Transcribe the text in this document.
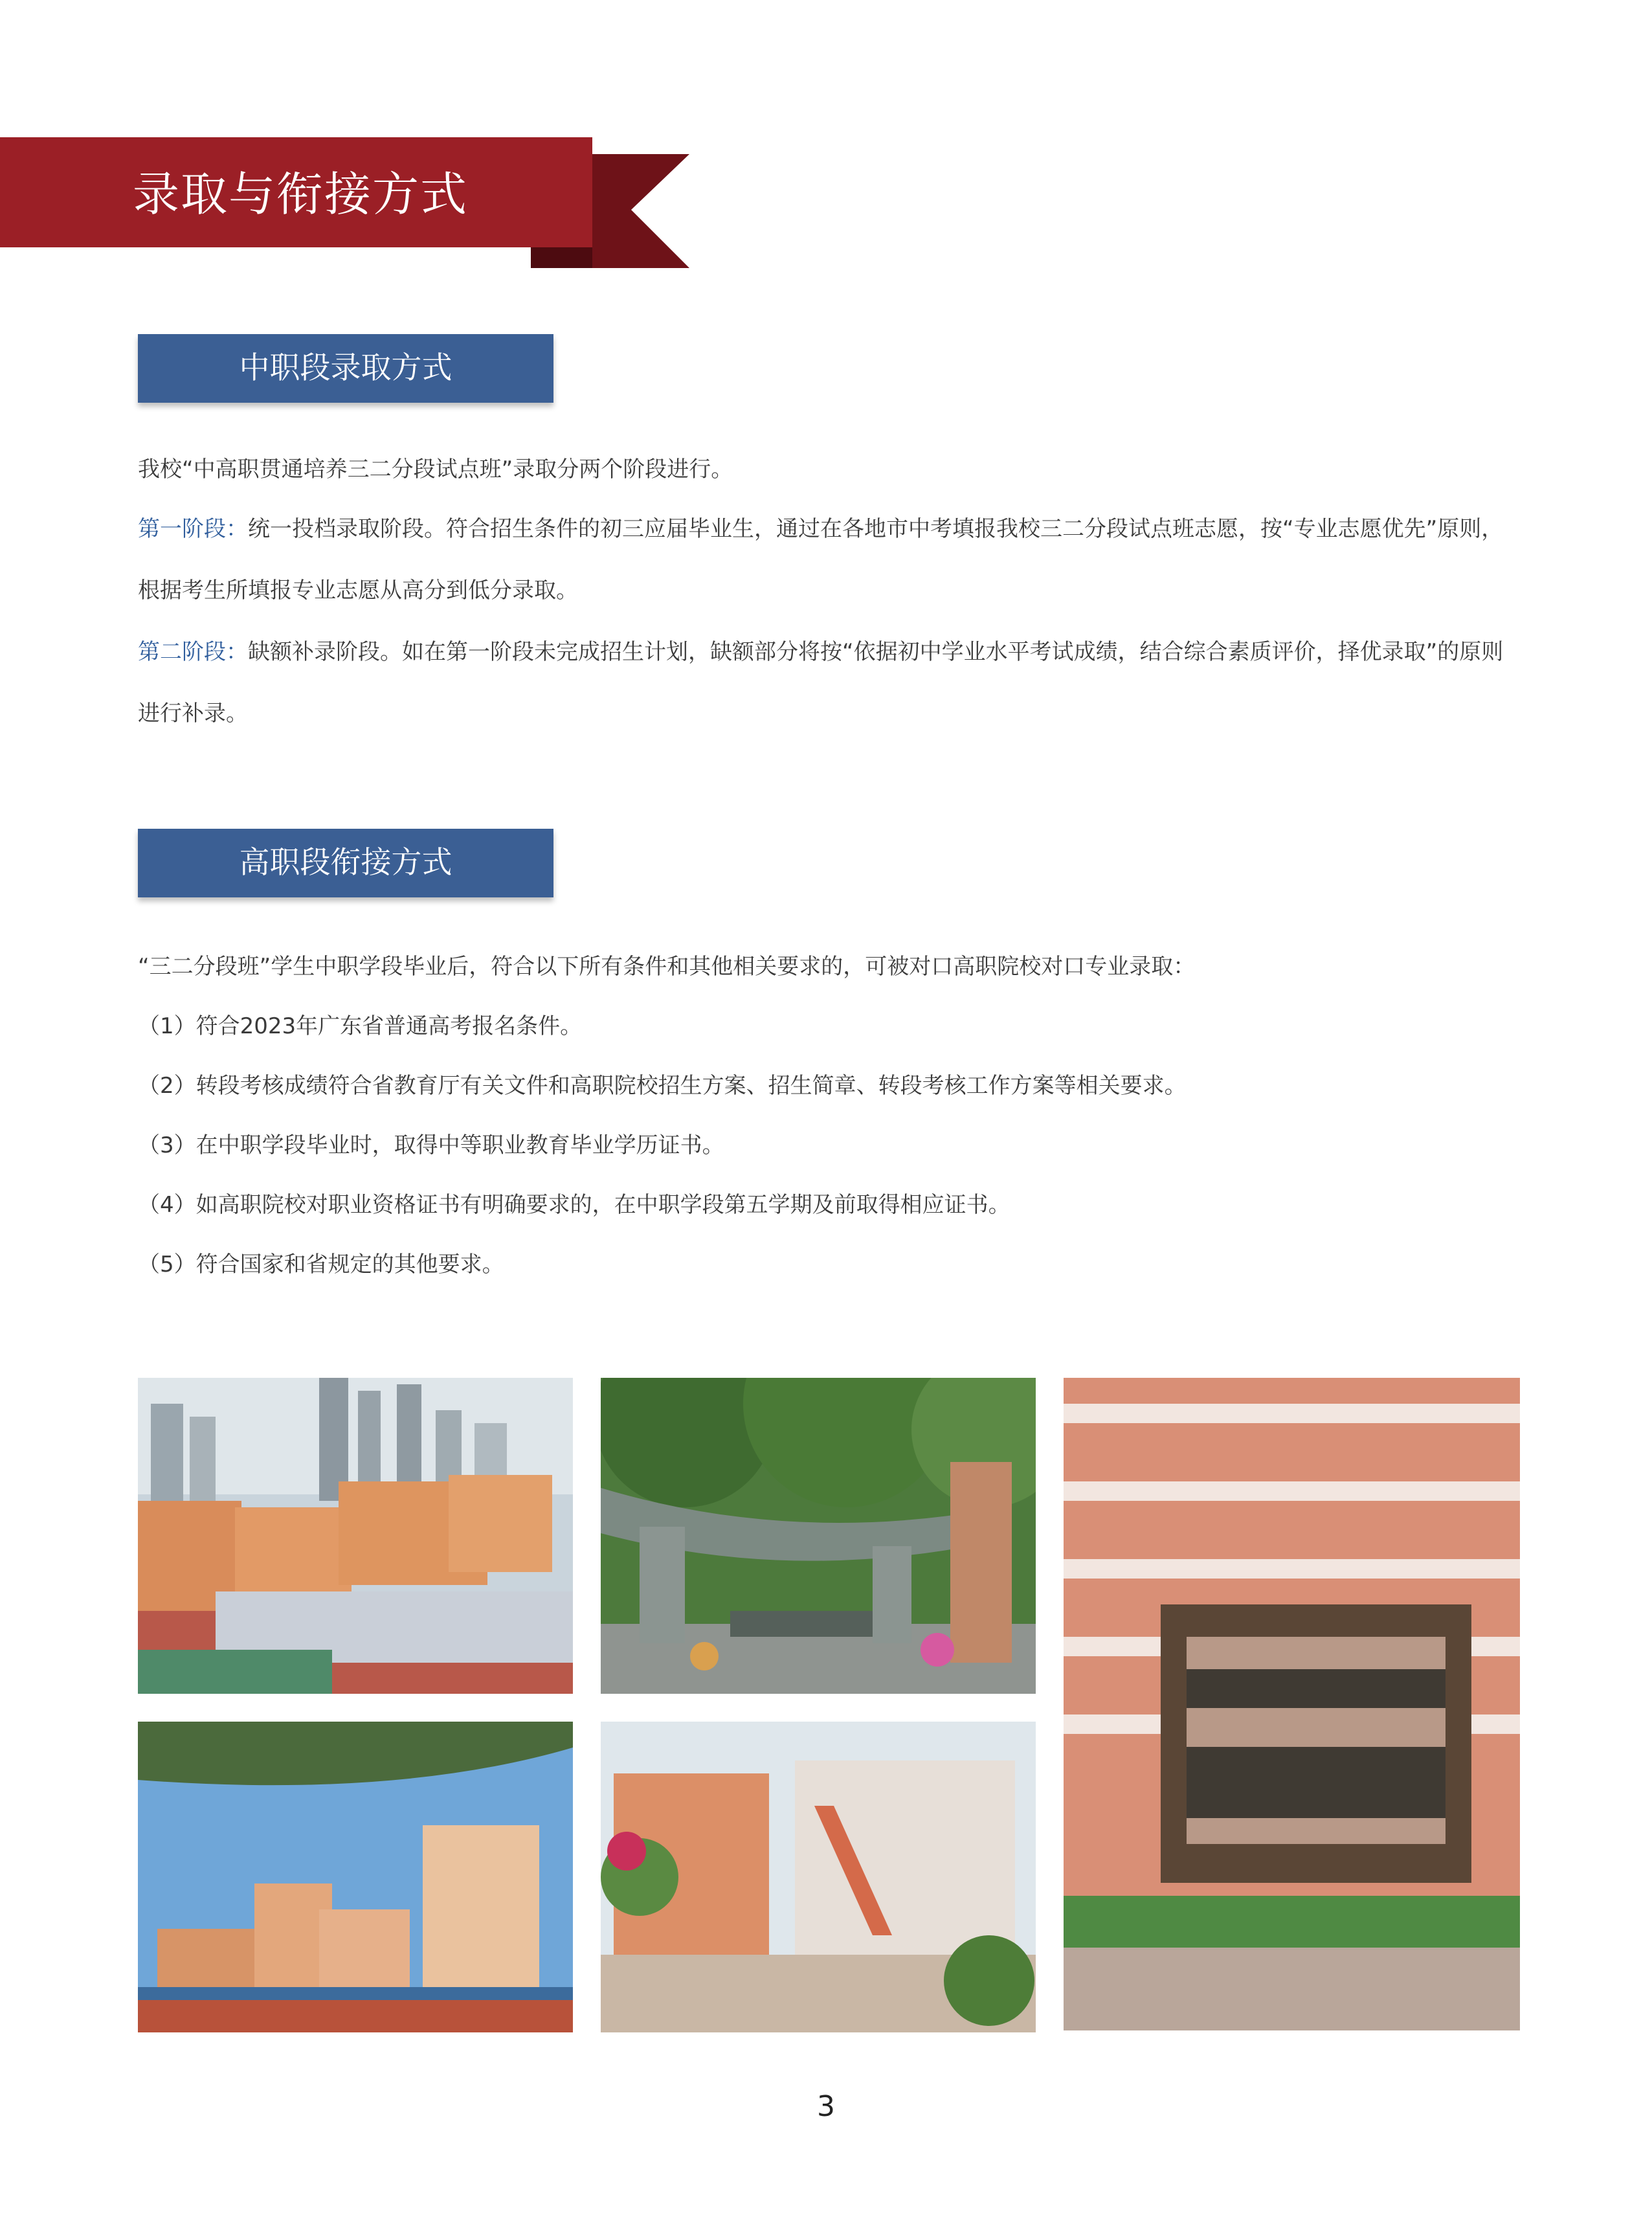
录取与衔接方式
中职段录取方式
我校“中高职贯通培养三二分段试点班”录取分两个阶段进行。
第一阶段：统一投档录取阶段。符合招生条件的初三应届毕业生，通过在各地市中考填报我校三二分段试点班志愿，按“专业志愿优先”原则，根据考生所填报专业志愿从高分到低分录取。
第二阶段：缺额补录阶段。如在第一阶段未完成招生计划，缺额部分将按“依据初中学业水平考试成绩，结合综合素质评价，择优录取”的原则进行补录。
高职段衔接方式
“三二分段班”学生中职学段毕业后，符合以下所有条件和其他相关要求的，可被对口高职院校对口专业录取：
（1）符合2023年广东省普通高考报名条件。
（2）转段考核成绩符合省教育厅有关文件和高职院校招生方案、招生简章、转段考核工作方案等相关要求。
（3）在中职学段毕业时，取得中等职业教育毕业学历证书。
（4）如高职院校对职业资格证书有明确要求的，在中职学段第五学期及前取得相应证书。
（5）符合国家和省规定的其他要求。
3
